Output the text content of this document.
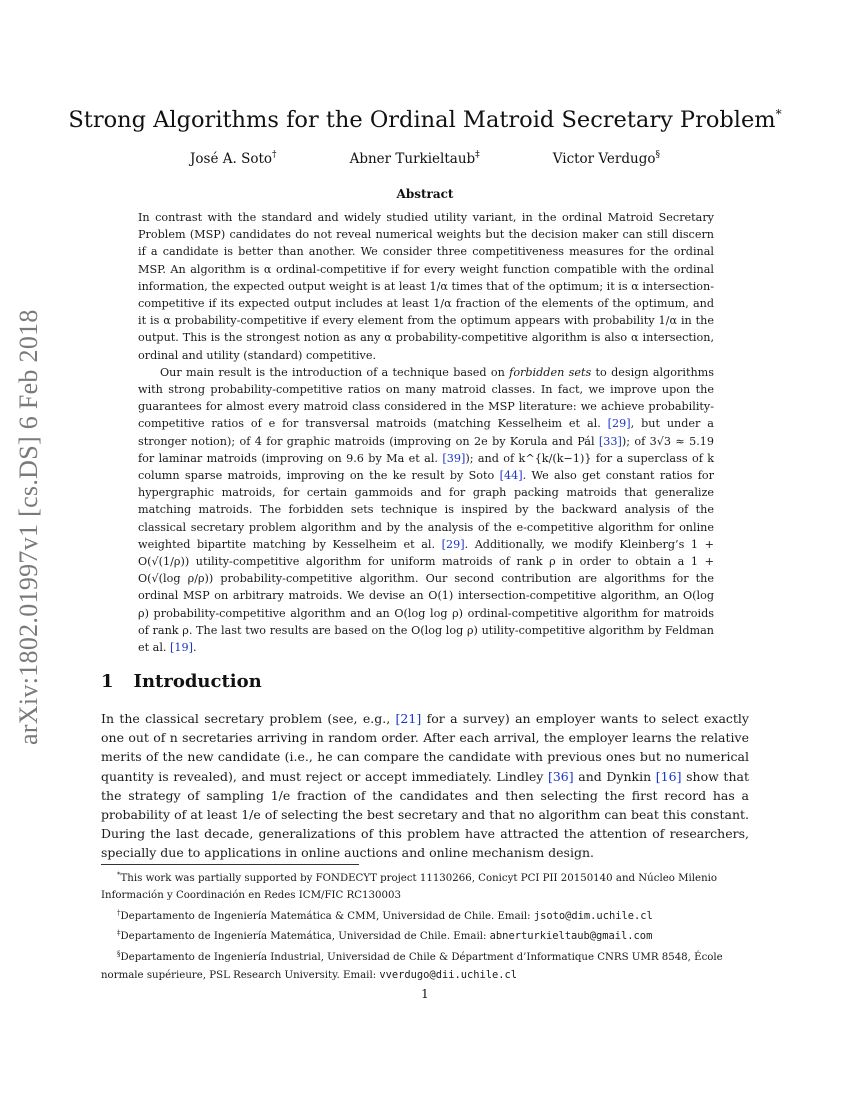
arXiv:1802.01997v1 [cs.DS] 6 Feb 2018
Strong Algorithms for the Ordinal Matroid Secretary Problem*
José A. Soto†	Abner Turkieltaub‡	Victor Verdugo§
Abstract

In contrast with the standard and widely studied utility variant, in the ordinal Matroid Secretary Problem (MSP) candidates do not reveal numerical weights but the decision maker can still discern if a candidate is better than another. We consider three competitiveness measures for the ordinal MSP. An algorithm is α ordinal-competitive if for every weight function compatible with the ordinal information, the expected output weight is at least 1/α times that of the optimum; it is α intersection-competitive if its expected output includes at least 1/α fraction of the elements of the optimum, and it is α probability-competitive if every element from the optimum appears with probability 1/α in the output. This is the strongest notion as any α probability-competitive algorithm is also α intersection, ordinal and utility (standard) competitive.

Our main result is the introduction of a technique based on forbidden sets to design algorithms with strong probability-competitive ratios on many matroid classes. In fact, we improve upon the guarantees for almost every matroid class considered in the MSP literature: we achieve probability-competitive ratios of e for transversal matroids (matching Kesselheim et al. [29], but under a stronger notion); of 4 for graphic matroids (improving on 2e by Korula and Pál [33]); of 3√3 ≈ 5.19 for laminar matroids (improving on 9.6 by Ma et al. [39]); and of k^{k/(k−1)} for a superclass of k column sparse matroids, improving on the ke result by Soto [44]. We also get constant ratios for hypergraphic matroids, for certain gammoids and for graph packing matroids that generalize matching matroids. The forbidden sets technique is inspired by the backward analysis of the classical secretary problem algorithm and by the analysis of the e-competitive algorithm for online weighted bipartite matching by Kesselheim et al. [29]. Additionally, we modify Kleinberg’s 1 + O(√(1/ρ)) utility-competitive algorithm for uniform matroids of rank ρ in order to obtain a 1 + O(√(log ρ/ρ)) probability-competitive algorithm. Our second contribution are algorithms for the ordinal MSP on arbitrary matroids. We devise an O(1) intersection-competitive algorithm, an O(log ρ) probability-competitive algorithm and an O(log log ρ) ordinal-competitive algorithm for matroids of rank ρ. The last two results are based on the O(log log ρ) utility-competitive algorithm by Feldman et al. [19].

1 Introduction

In the classical secretary problem (see, e.g., [21] for a survey) an employer wants to select exactly one out of n secretaries arriving in random order. After each arrival, the employer learns the relative merits of the new candidate (i.e., he can compare the candidate with previous ones but no numerical quantity is revealed), and must reject or accept immediately. Lindley [36] and Dynkin [16] show that the strategy of sampling 1/e fraction of the candidates and then selecting the first record has a probability of at least 1/e of selecting the best secretary and that no algorithm can beat this constant. During the last decade, generalizations of this problem have attracted the attention of researchers, specially due to applications in online auctions and online mechanism design.

*This work was partially supported by FONDECYT project 11130266, Conicyt PCI PII 20150140 and Núcleo Milenio Información y Coordinación en Redes ICM/FIC RC130003

†Departamento de Ingeniería Matemática & CMM, Universidad de Chile. Email: jsoto@dim.uchile.cl

‡Departamento de Ingeniería Matemática, Universidad de Chile. Email: abnerturkieltaub@gmail.com

§Departamento de Ingeniería Industrial, Universidad de Chile & Départment d’Informatique CNRS UMR 8548, École normale supérieure, PSL Research University. Email: vverdugo@dii.uchile.cl

1
